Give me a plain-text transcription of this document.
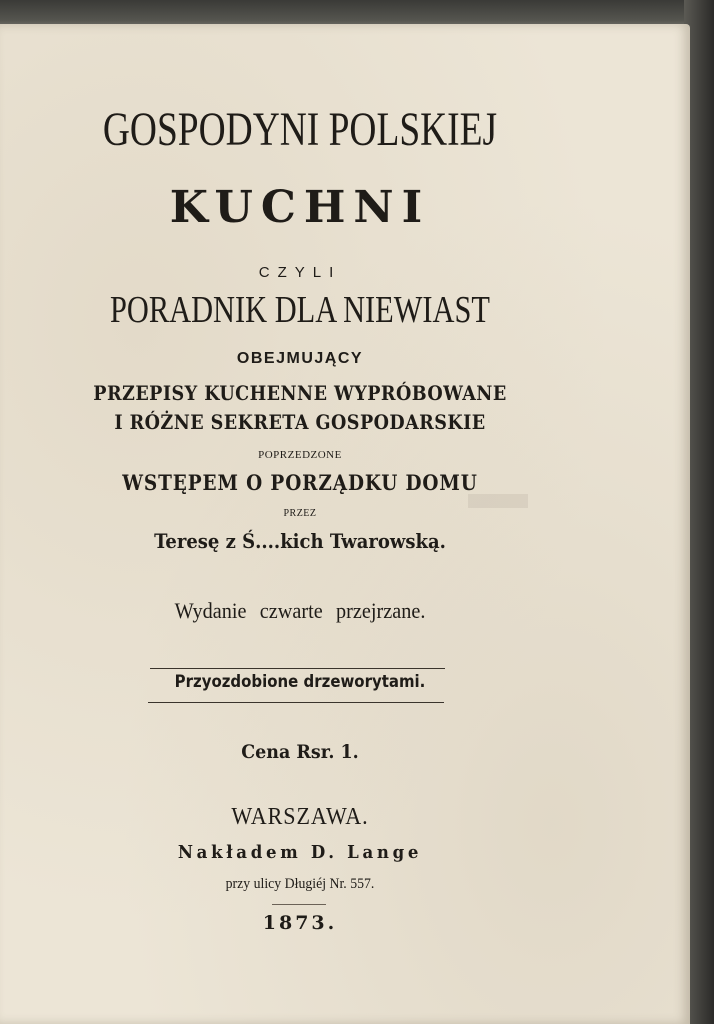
GOSPODYNI POLSKIEJ
KUCHNI
CZYLI
PORADNIK DLA NIEWIAST
OBEJMUJĄCY
PRZEPISY KUCHENNE WYPRÓBOWANE
I RÓŻNE SEKRETA GOSPODARSKIE
POPRZEDZONE
WSTĘPEM O PORZĄDKU DOMU
PRZEZ
Teresę z Ś....kich Twarowską.
Wydanie czwarte przejrzane.
Przyozdobione drzeworytami.
Cena Rsr. 1.
WARSZAWA.
Nakładem D. Lange
przy ulicy Długiéj Nr. 557.
1873.
